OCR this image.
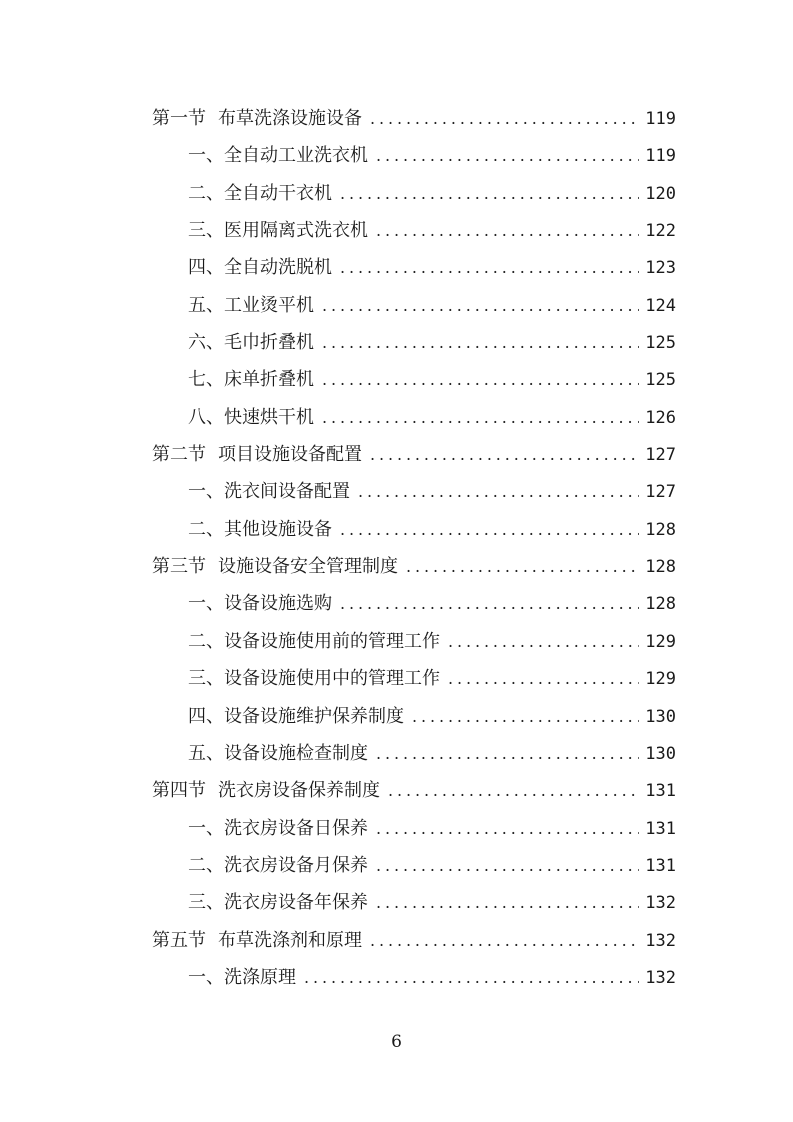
第一节 布草洗涤设施设备 .....	119
一、 全自动工业洗衣机 .....	119
二、 全自动干衣机 .....	120
三、 医用隔离式洗衣机 .....	122
四、 全自动洗脱机 .....	123
五、 工业烫平机 .....	124
六、 毛巾折叠机 .....	125
七、 床单折叠机 .....	125
八、 快速烘干机 .....	126
第二节 项目设施设备配置 .....	127
一、 洗衣间设备配置 .....	127
二、 其他设施设备 .....	128
第三节 设施设备安全管理制度 .....	128
一、 设备设施选购 .....	128
二、 设备设施使用前的管理工作 .....	129
三、 设备设施使用中的管理工作 .....	129
四、 设备设施维护保养制度 .....	130
五、 设备设施检查制度 .....	130
第四节 洗衣房设备保养制度 .....	131
一、 洗衣房设备日保养 .....	131
二、 洗衣房设备月保养 .....	131
三、 洗衣房设备年保养 .....	132
第五节 布草洗涤剂和原理 .....	132
一、 洗涤原理 .....	132
6
